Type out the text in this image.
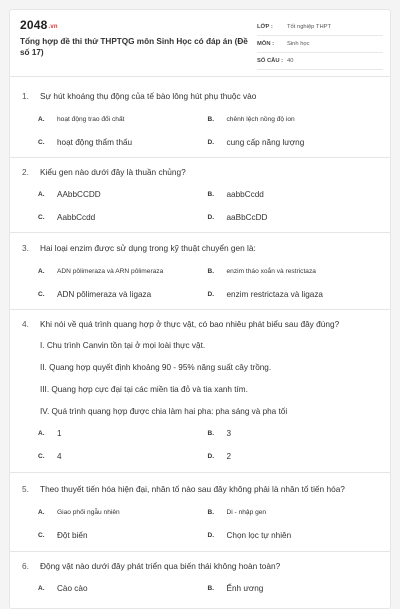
2048.vn
Tổng hợp đề thi thử THPTQG môn Sinh Học có đáp án (Đề số 17)
LỚP :	Tốt nghiệp THPT
MÔN :	Sinh học
SỐ CÂU : 40
1.	Sự hút khoáng thụ động của tế bào lông hút phụ thuộc vào
A.	hoạt động trao đổi chất	B.	chênh lệch nồng độ ion
C.	hoạt động thẩm thấu	D.	cung cấp năng lượng
2.	Kiểu gen nào dưới đây là thuần chủng?
A.	AAbbCCDD	B.	aabbCcdd
C.	AabbCcdd	D.	aaBbCcDD
3.	Hai loại enzim được sử dụng trong kỹ thuật chuyển gen là:
A.	ADN pôlimeraza và ARN pôlimeraza	B.	enzim tháo xoắn và restrictaza
C.	ADN pôlimeraza và ligaza	D.	enzim restrictaza và ligaza
4.	Khi nói về quá trình quang hợp ở thực vật, có bao nhiêu phát biểu sau đây đúng?
I. Chu trình Canvin tồn tại ở mọi loài thực vật.
II. Quang hợp quyết định khoảng 90 - 95% năng suất cây trồng.
III. Quang hợp cực đại tại các miền tia đỏ và tia xanh tím.
IV. Quá trình quang hợp được chia làm hai pha: pha sáng và pha tối
A.	1	B.	3
C.	4	D.	2
5.	Theo thuyết tiến hóa hiện đại, nhân tố nào sau đây không phải là nhân tố tiến hóa?
A.	Giao phối ngẫu nhiên	B.	Di - nhập gen
C.	Đột biến	D.	Chọn lọc tự nhiên
6.	Động vật nào dưới đây phát triển qua biến thái không hoàn toàn?
A.	Cào cào	B.	Ếnh ương
